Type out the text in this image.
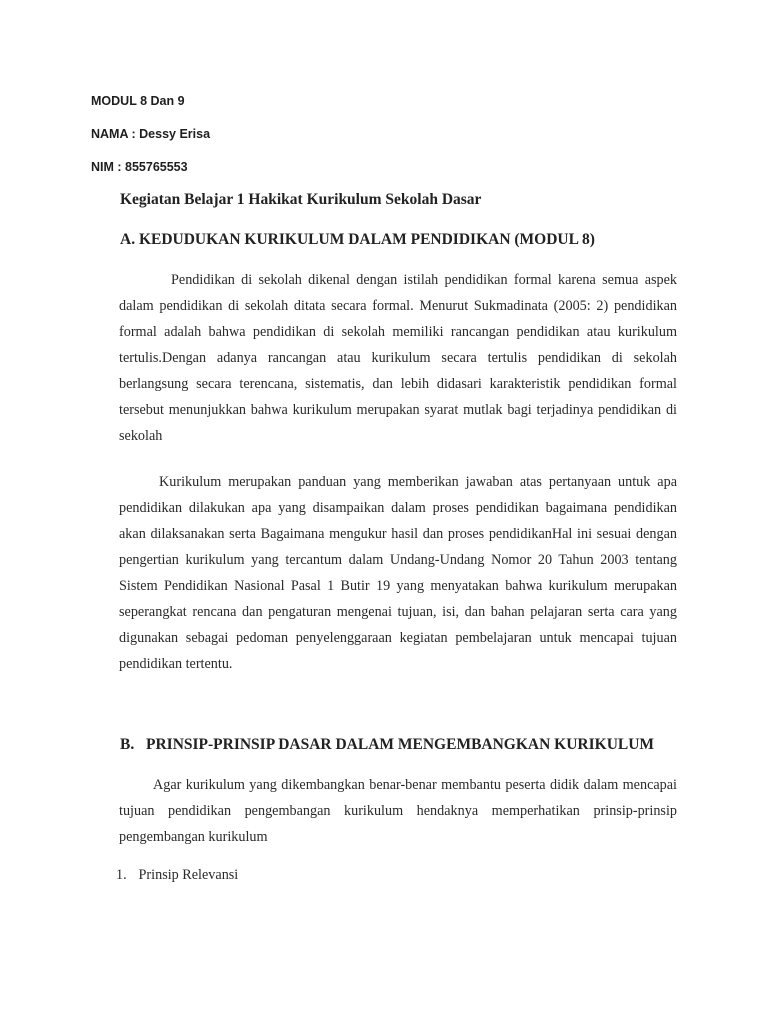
MODUL 8 Dan 9
NAMA : Dessy Erisa
NIM : 855765553
Kegiatan Belajar 1 Hakikat Kurikulum Sekolah Dasar
A. KEDUDUKAN KURIKULUM DALAM PENDIDIKAN (MODUL 8)

Pendidikan di sekolah dikenal dengan istilah pendidikan formal karena semua aspek dalam pendidikan di sekolah ditata secara formal. Menurut Sukmadinata (2005: 2) pendidikan formal adalah bahwa pendidikan di sekolah memiliki rancangan pendidikan atau kurikulum tertulis.Dengan adanya rancangan atau kurikulum secara tertulis pendidikan di sekolah berlangsung secara terencana, sistematis, dan lebih didasari karakteristik pendidikan formal tersebut menunjukkan bahwa kurikulum merupakan syarat mutlak bagi terjadinya pendidikan di sekolah

Kurikulum merupakan panduan yang memberikan jawaban atas pertanyaan untuk apa pendidikan dilakukan apa yang disampaikan dalam proses pendidikan bagaimana pendidikan akan dilaksanakan serta Bagaimana mengukur hasil dan proses pendidikanHal ini sesuai dengan pengertian kurikulum yang tercantum dalam Undang-Undang Nomor 20 Tahun 2003 tentang Sistem Pendidikan Nasional Pasal 1 Butir 19 yang menyatakan bahwa kurikulum merupakan seperangkat rencana dan pengaturan mengenai tujuan, isi, dan bahan pelajaran serta cara yang digunakan sebagai pedoman penyelenggaraan kegiatan pembelajaran untuk mencapai tujuan pendidikan tertentu.

B. PRINSIP-PRINSIP DASAR DALAM MENGEMBANGKAN KURIKULUM

Agar kurikulum yang dikembangkan benar-benar membantu peserta didik dalam mencapai tujuan pendidikan pengembangan kurikulum hendaknya memperhatikan prinsip-prinsip pengembangan kurikulum

1. Prinsip Relevansi
